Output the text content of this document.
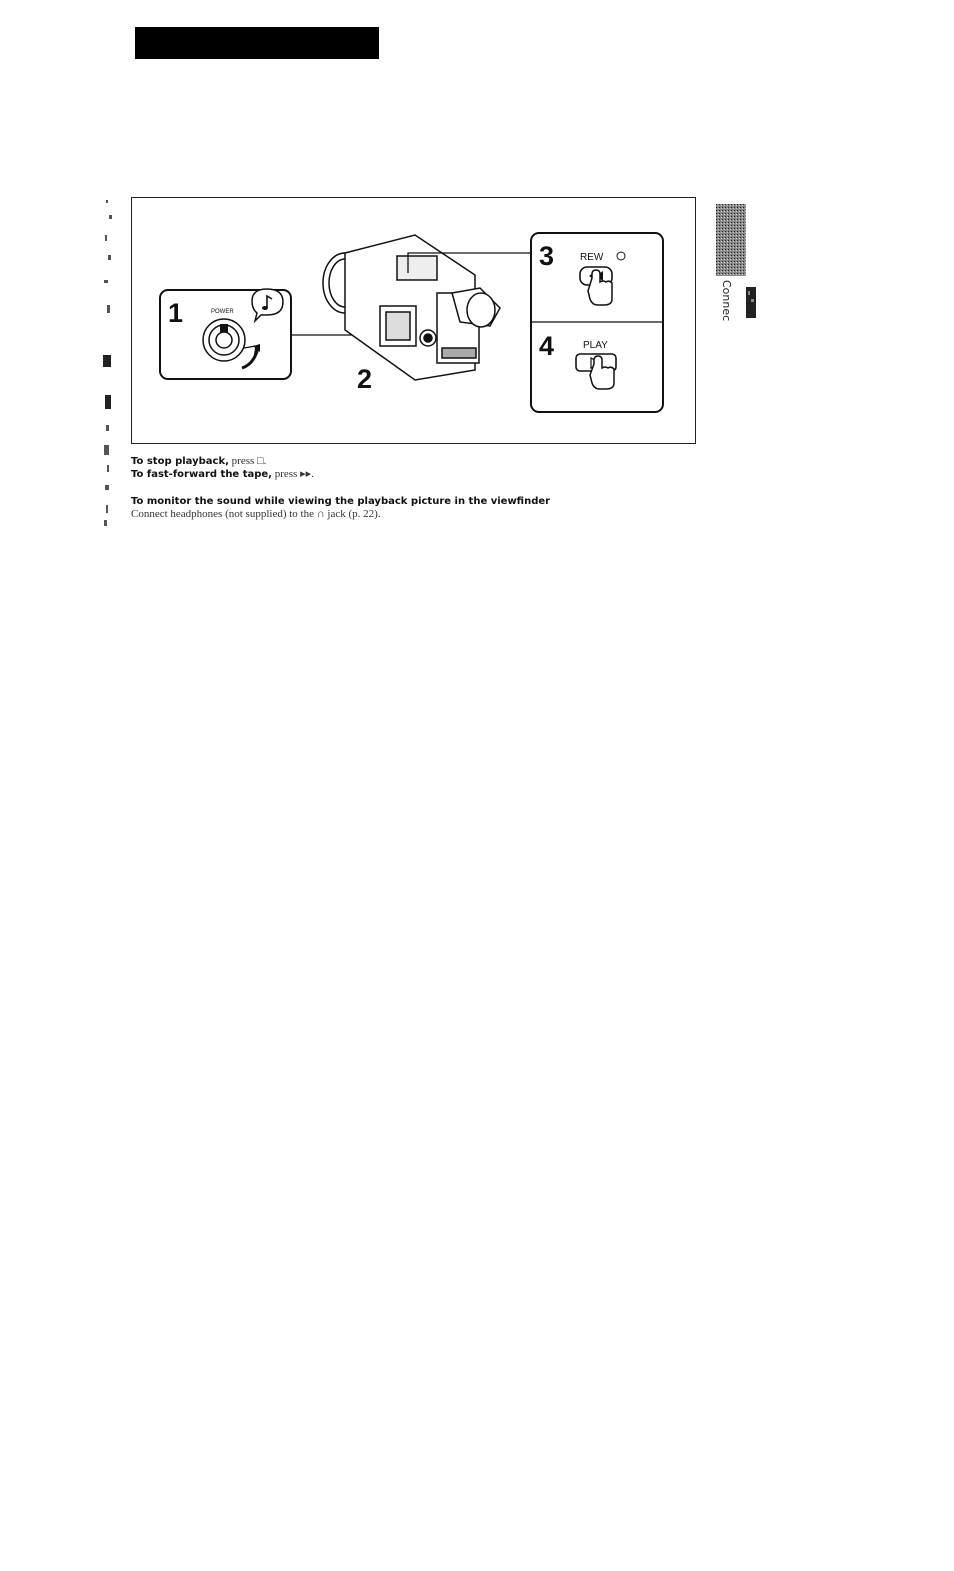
1	POWER
2
3	REW
4	PLAY

To stop playback, press □.

To fast-forward the tape, press ▸▸.

To monitor the sound while viewing the playback picture in the viewfinder

Connect headphones (not supplied) to the ∩ jack (p. 22).

Connec
